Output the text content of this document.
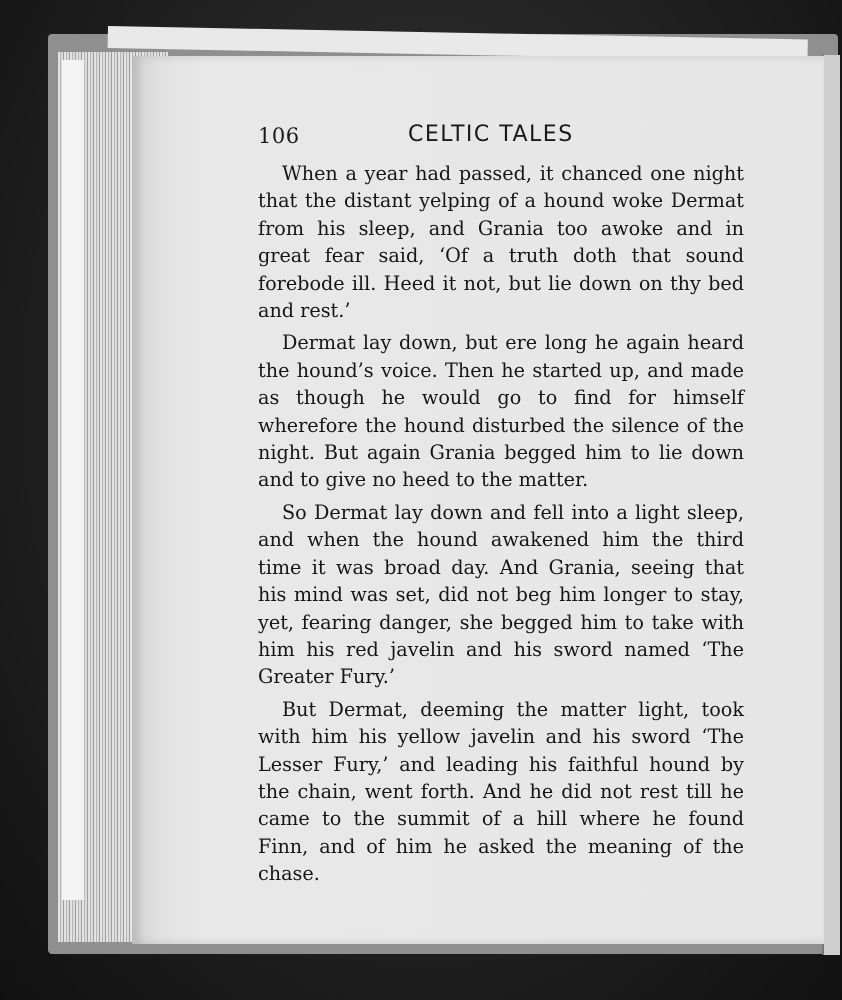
106	CELTIC TALES

When a year had passed, it chanced one night that the distant yelping of a hound woke Dermat from his sleep, and Grania too awoke and in great fear said, ‘Of a truth doth that sound forebode ill. Heed it not, but lie down on thy bed and rest.’

Dermat lay down, but ere long he again heard the hound’s voice. Then he started up, and made as though he would go to find for himself wherefore the hound disturbed the silence of the night. But again Grania begged him to lie down and to give no heed to the matter.

So Dermat lay down and fell into a light sleep, and when the hound awakened him the third time it was broad day. And Grania, seeing that his mind was set, did not beg him longer to stay, yet, fearing danger, she begged him to take with him his red javelin and his sword named ‘The Greater Fury.’

But Dermat, deeming the matter light, took with him his yellow javelin and his sword ‘The Lesser Fury,’ and leading his faithful hound by the chain, went forth. And he did not rest till he came to the summit of a hill where he found Finn, and of him he asked the meaning of the chase.
